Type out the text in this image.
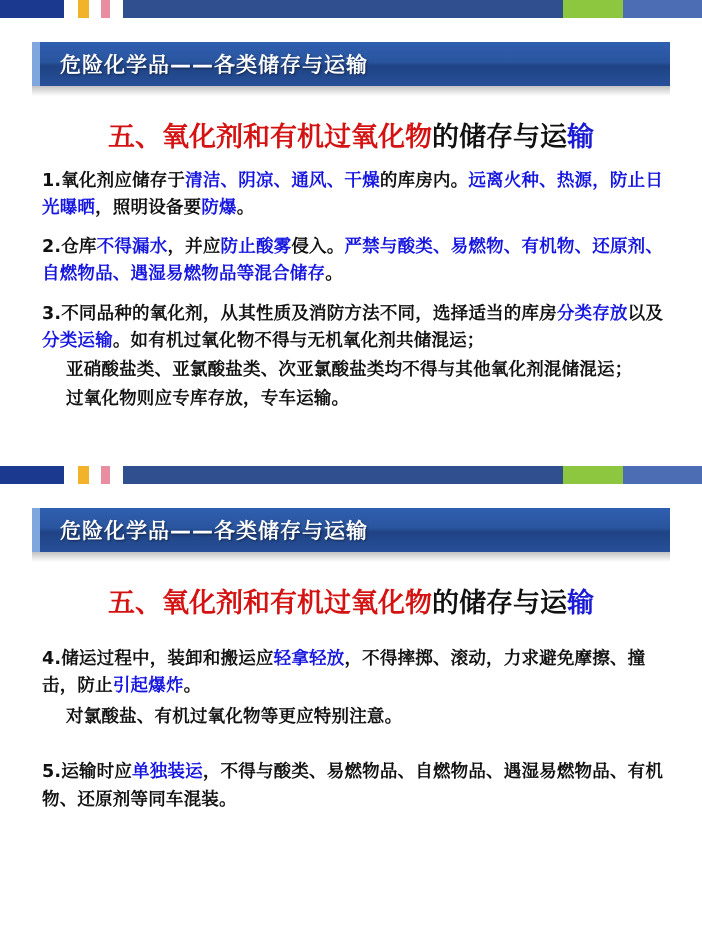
危险化学品——各类储存与运输
五、氧化剂和有机过氧化物的储存与运输
1.氧化剂应储存于清洁、阴凉、通风、干燥的库房内。远离火种、热源，防止日光曝晒，照明设备要防爆。
2.仓库不得漏水，并应防止酸雾侵入。严禁与酸类、易燃物、有机物、还原剂、自燃物品、遇湿易燃物品等混合储存。
3.不同品种的氧化剂，从其性质及消防方法不同，选择适当的库房分类存放以及分类运输。如有机过氧化物不得与无机氧化剂共储混运；
亚硝酸盐类、亚氯酸盐类、次亚氯酸盐类均不得与其他氧化剂混储混运；
过氧化物则应专库存放，专车运输。
危险化学品——各类储存与运输
五、氧化剂和有机过氧化物的储存与运输
4.储运过程中，装卸和搬运应轻拿轻放，不得摔掷、滚动，力求避免摩擦、撞击，防止引起爆炸。
对氯酸盐、有机过氧化物等更应特别注意。
5.运输时应单独装运，不得与酸类、易燃物品、自燃物品、遇湿易燃物品、有机物、还原剂等同车混装。
